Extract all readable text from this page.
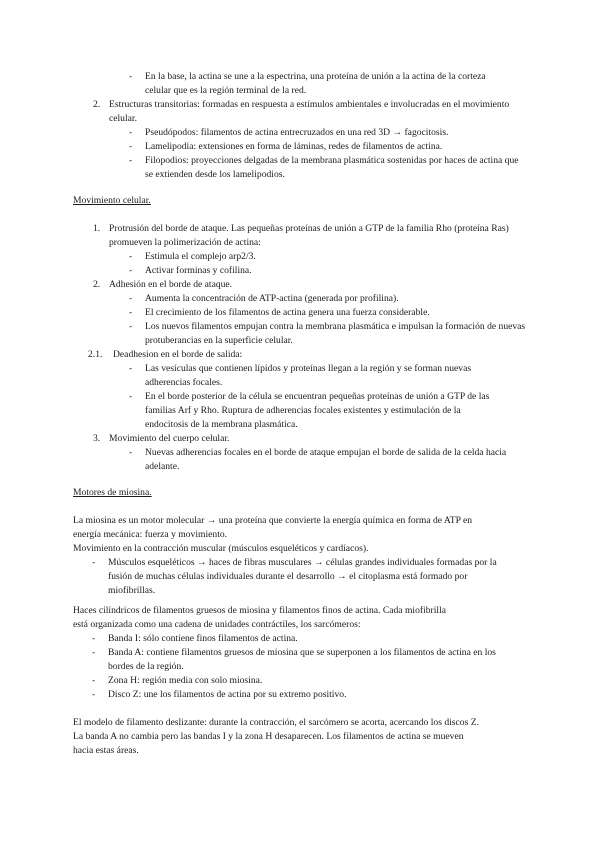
- En la base, la actina se une a la espectrina, una proteína de unión a la actina de la corteza
celular que es la región terminal de la red.
2. Estructuras transitorias: formadas en respuesta a estímulos ambientales e involucradas en el movimiento
celular.
- Pseudópodos: filamentos de actina entrecruzados en una red 3D → fagocitosis.
- Lamelipodia: extensiones en forma de láminas, redes de filamentos de actina.
- Filopodios: proyecciones delgadas de la membrana plasmática sostenidas por haces de actina que
se extienden desde los lamelipodios.
Movimiento celular.
1. Protrusión del borde de ataque. Las pequeñas proteínas de unión a GTP de la familia Rho (proteína Ras)
promueven la polimerización de actina:
- Estimula el complejo arp2/3.
- Activar forminas y cofilina.
2. Adhesión en el borde de ataque.
- Aumenta la concentración de ATP-actina (generada por profilina).
- El crecimiento de los filamentos de actina genera una fuerza considerable.
- Los nuevos filamentos empujan contra la membrana plasmática e impulsan la formación de nuevas
protuberancias en la superficie celular.
2.1. Deadhesion en el borde de salida:
- Las vesículas que contienen lípidos y proteínas llegan a la región y se forman nuevas
adherencias focales.
- En el borde posterior de la célula se encuentran pequeñas proteínas de unión a GTP de las
familias Arf y Rho. Ruptura de adherencias focales existentes y estimulación de la
endocitosis de la membrana plasmática.
3. Movimiento del cuerpo celular.
- Nuevas adherencias focales en el borde de ataque empujan el borde de salida de la celda hacia
adelante.
Motores de miosina.
La miosina es un motor molecular → una proteína que convierte la energía química en forma de ATP en
energía mecánica: fuerza y movimiento.
Movimiento en la contracción muscular (músculos esqueléticos y cardíacos).
- Músculos esqueléticos → haces de fibras musculares → células grandes individuales formadas por la
fusión de muchas células individuales durante el desarrollo → el citoplasma está formado por
miofibrillas.
Haces cilíndricos de filamentos gruesos de miosina y filamentos finos de actina. Cada miofibrilla
está organizada como una cadena de unidades contráctiles, los sarcómeros:
- Banda I: sólo contiene finos filamentos de actina.
- Banda A: contiene filamentos gruesos de miosina que se superponen a los filamentos de actina en los
bordes de la región.
- Zona H: región media con solo miosina.
- Disco Z: une los filamentos de actina por su extremo positivo.
El modelo de filamento deslizante: durante la contracción, el sarcómero se acorta, acercando los discos Z.
La banda A no cambia pero las bandas I y la zona H desaparecen. Los filamentos de actina se mueven
hacia estas áreas.
